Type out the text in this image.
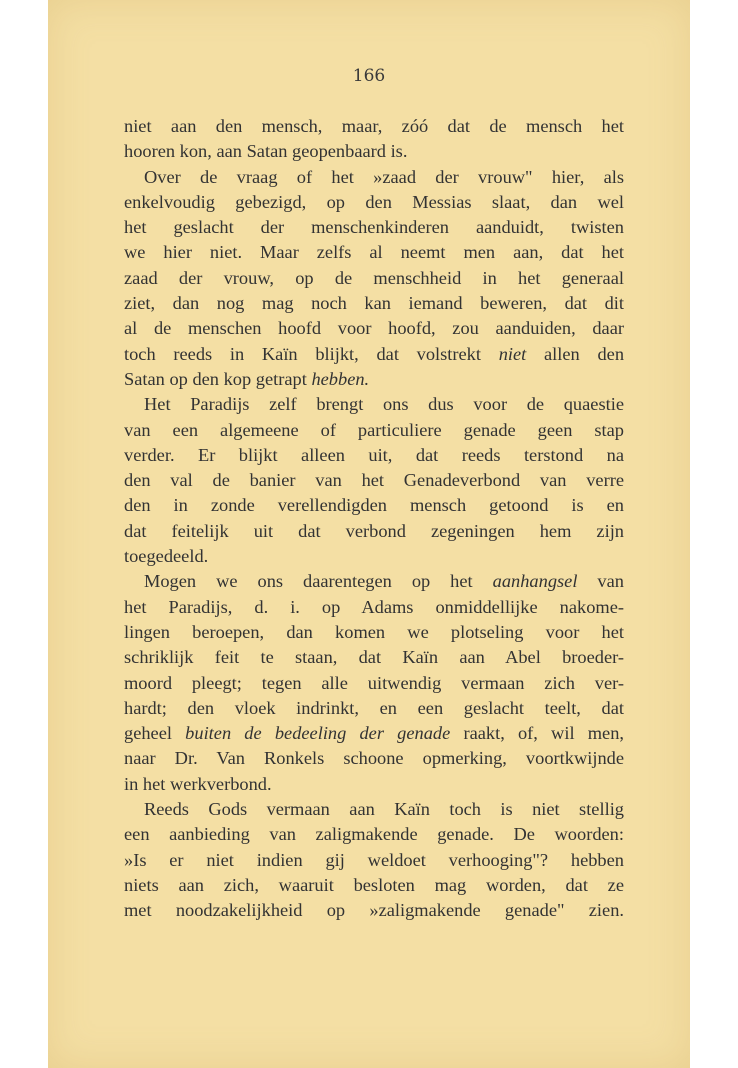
166
niet aan den mensch, maar, zóó dat de mensch het
hooren kon, aan Satan geopenbaard is.
Over de vraag of het »zaad der vrouw" hier, als
enkelvoudig gebezigd, op den Messias slaat, dan wel
het geslacht der menschenkinderen aanduidt, twisten
we hier niet. Maar zelfs al neemt men aan, dat het
zaad der vrouw, op de menschheid in het generaal
ziet, dan nog mag noch kan iemand beweren, dat dit
al de menschen hoofd voor hoofd, zou aanduiden, daar
toch reeds in Kaïn blijkt, dat volstrekt niet allen den
Satan op den kop getrapt hebben.
Het Paradijs zelf brengt ons dus voor de quaestie
van een algemeene of particuliere genade geen stap
verder. Er blijkt alleen uit, dat reeds terstond na
den val de banier van het Genadeverbond van verre
den in zonde verellendigden mensch getoond is en
dat feitelijk uit dat verbond zegeningen hem zijn
toegedeeld.
Mogen we ons daarentegen op het aanhangsel van
het Paradijs, d. i. op Adams onmiddellijke nakome-
lingen beroepen, dan komen we plotseling voor het
schriklijk feit te staan, dat Kaïn aan Abel broeder-
moord pleegt; tegen alle uitwendig vermaan zich ver-
hardt; den vloek indrinkt, en een geslacht teelt, dat
geheel buiten de bedeeling der genade raakt, of, wil men,
naar Dr. Van Ronkels schoone opmerking, voortkwijnde
in het werkverbond.
Reeds Gods vermaan aan Kaïn toch is niet stellig
een aanbieding van zaligmakende genade. De woorden:
»Is er niet indien gij weldoet verhooging"? hebben
niets aan zich, waaruit besloten mag worden, dat ze
met noodzakelijkheid op »zaligmakende genade" zien.
